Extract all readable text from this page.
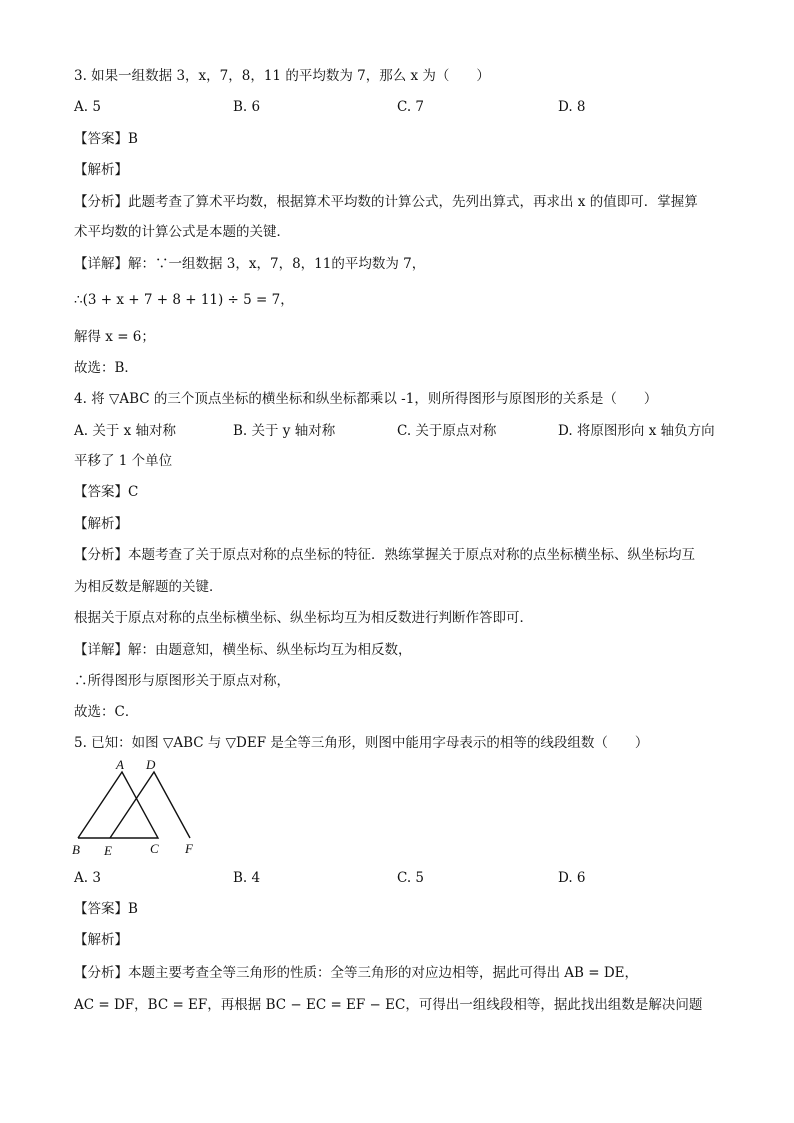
3. 如果一组数据 3，x，7，8，11 的平均数为 7，那么 x 为（　　）
A. 5	B. 6	C. 7	D. 8
【答案】B
【解析】
【分析】此题考查了算术平均数，根据算术平均数的计算公式，先列出算式，再求出 x 的值即可．掌握算
术平均数的计算公式是本题的关键．
【详解】解：∵一组数据 3，x，7，8，11的平均数为 7，
∴(3 + x + 7 + 8 + 11) ÷ 5 = 7，
解得 x = 6；
故选：B．
4. 将 ▽ABC 的三个顶点坐标的横坐标和纵坐标都乘以 -1，则所得图形与原图形的关系是（　　）
A. 关于 x 轴对称	B. 关于 y 轴对称	C. 关于原点对称	D. 将原图形向 x 轴负方向
平移了 1 个单位
【答案】C
【解析】
【分析】本题考查了关于原点对称的点坐标的特征．熟练掌握关于原点对称的点坐标横坐标、纵坐标均互
为相反数是解题的关键．
根据关于原点对称的点坐标横坐标、纵坐标均互为相反数进行判断作答即可．
【详解】解：由题意知，横坐标、纵坐标均互为相反数，
∴所得图形与原图形关于原点对称，
故选：C．
5. 已知：如图 ▽ABC 与 ▽DEF 是全等三角形，则图中能用字母表示的相等的线段组数（　　）
A D
B E	C F
A. 3	B. 4	C. 5	D. 6
【答案】B
【解析】
【分析】本题主要考查全等三角形的性质：全等三角形的对应边相等，据此可得出 AB = DE，
AC = DF，BC = EF，再根据 BC − EC = EF − EC，可得出一组线段相等，据此找出组数是解决问题
